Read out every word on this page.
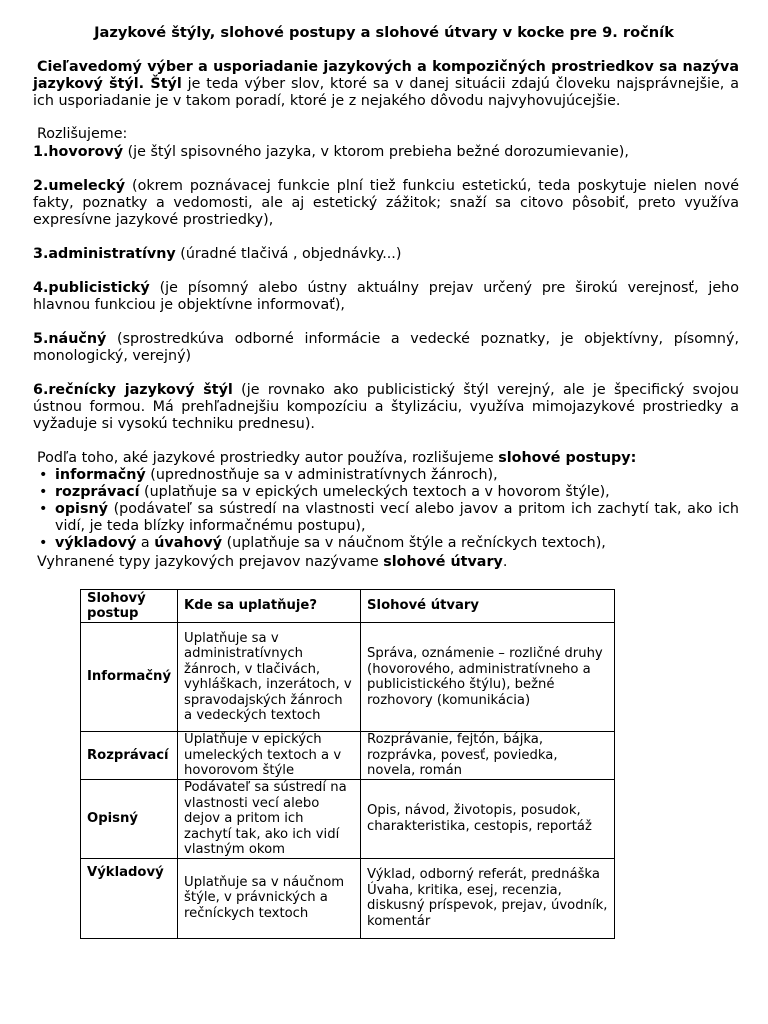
Jazykové štýly, slohové postupy a slohové útvary v kocke pre 9. ročník
Cieľavedomý výber a usporiadanie jazykových a kompozičných prostriedkov sa nazýva jazykový štýl. Štýl je teda výber slov, ktoré sa v danej situácii zdajú človeku najsprávnejšie, a ich usporiadanie je v takom poradí, ktoré je z nejakého dôvodu najvyhovujúcejšie.
Rozlišujeme:
1.hovorový (je štýl spisovného jazyka, v ktorom prebieha bežné dorozumievanie),
2.umelecký (okrem poznávacej funkcie plní tiež funkciu estetickú, teda poskytuje nielen nové fakty, poznatky a vedomosti, ale aj estetický zážitok; snaží sa citovo pôsobiť, preto využíva expresívne jazykové prostriedky),
3.administratívny (úradné tlačivá , objednávky...)
4.publicistický (je písomný alebo ústny aktuálny prejav určený pre širokú verejnosť, jeho hlavnou funkciou je objektívne informovať),
5.náučný (sprostredkúva odborné informácie a vedecké poznatky, je objektívny, písomný, monologický, verejný)
6.rečnícky jazykový štýl (je rovnako ako publicistický štýl verejný, ale je špecifický svojou ústnou formou. Má prehľadnejšiu kompozíciu a štylizáciu, využíva mimojazykové prostriedky a vyžaduje si vysokú techniku prednesu).
Podľa toho, aké jazykové prostriedky autor používa, rozlišujeme slohové postupy:
• informačný (uprednostňuje sa v administratívnych žánroch),
• rozprávací (uplatňuje sa v epických umeleckých textoch a v hovorom štýle),
• opisný (podávateľ sa sústredí na vlastnosti vecí alebo javov a pritom ich zachytí tak, ako ich vidí, je teda blízky informačnému postupu),
• výkladový a úvahový (uplatňuje sa v náučnom štýle a rečníckych textoch),
Vyhranené typy jazykových prejavov nazývame slohové útvary.
Slohový postup	Kde sa uplatňuje?	Slohové útvary
Informačný	Uplatňuje sa v administratívnych žánroch, v tlačivách, vyhláškach, inzerátoch, v spravodajských žánroch a vedeckých textoch	Správa, oznámenie – rozličné druhy (hovorového, administratívneho a publicistického štýlu), bežné rozhovory (komunikácia)
Rozprávací	Uplatňuje v epických umeleckých textoch a v hovorovom štýle	Rozprávanie, fejtón, bájka, rozprávka, povesť, poviedka, novela, román
Opisný	Podávateľ sa sústredí na vlastnosti vecí alebo dejov a pritom ich zachytí tak, ako ich vidí vlastným okom	Opis, návod, životopis, posudok, charakteristika, cestopis, reportáž
Výkladový	Uplatňuje sa v náučnom štýle, v právnických a rečníckych textoch	Výklad, odborný referát, prednáška Úvaha, kritika, esej, recenzia, diskusný príspevok, prejav, úvodník, komentár
